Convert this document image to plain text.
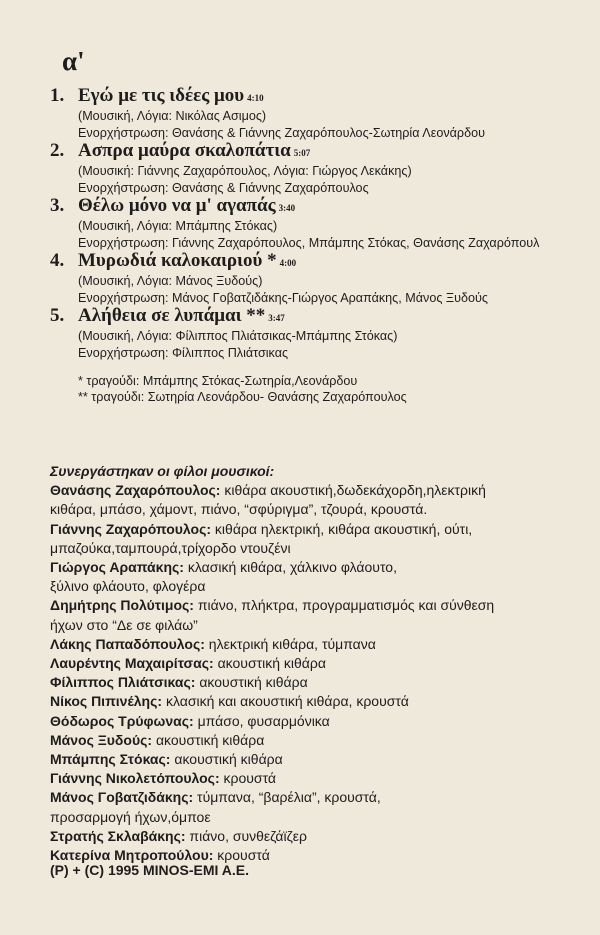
α'
1. Εγώ με τις ιδέες μου 4:10
(Μουσική, Λόγια: Νικόλας Ασιμος)
Ενορχήστρωση: Θανάσης & Γιάννης Ζαχαρόπουλος-Σωτηρία Λεονάρδου
2. Ασπρα μαύρα σκαλοπάτια 5:07
(Μουσική: Γιάννης Ζαχαρόπουλος, Λόγια: Γιώργος Λεκάκης)
Ενορχήστρωση: Θανάσης & Γιάννης Ζαχαρόπουλος
3. Θέλω μόνο να μ' αγαπάς 3:40
(Μουσική, Λόγια: Μπάμπης Στόκας)
Ενορχήστρωση: Γιάννης Ζαχαρόπουλος, Μπάμπης Στόκας, Θανάσης Ζαχαρόπουλ
4. Μυρωδιά καλοκαιριού * 4:00
(Μουσική, Λόγια: Μάνος Ξυδούς)
Ενορχήστρωση: Μάνος Γοβατζιδάκης-Γιώργος Αραπάκης, Μάνος Ξυδούς
5. Αλήθεια σε λυπάμαι ** 3:47
(Μουσική, Λόγια: Φίλιππος Πλιάτσικας-Μπάμπης Στόκας)
Ενορχήστρωση: Φίλιππος Πλιάτσικας
* τραγούδι: Μπάμπης Στόκας-Σωτηρία,Λεονάρδου
** τραγούδι: Σωτηρία Λεονάρδου- Θανάσης Ζαχαρόπουλος
Συνεργάστηκαν οι φίλοι μουσικοί:
Θανάσης Ζαχαρόπουλος: κιθάρα ακουστική,δωδεκάχορδη,ηλεκτρική
κιθάρα, μπάσο, χάμοντ, πιάνο, “σφύριγμα”, τζουρά, κρουστά.
Γιάννης Ζαχαρόπουλος: κιθάρα ηλεκτρική, κιθάρα ακουστική, ούτι,
μπαζούκα,ταμπουρά,τρίχορδο ντουζένι
Γιώργος Αραπάκης: κλασική κιθάρα, χάλκινο φλάουτο,
ξύλινο φλάουτο, φλογέρα
Δημήτρης Πολύτιμος: πιάνο, πλήκτρα, προγραμματισμός και σύνθεση
ήχων στο “Δε σε φιλάω”
Λάκης Παπαδόπουλος: ηλεκτρική κιθάρα, τύμπανα
Λαυρέντης Μαχαιρίτσας: ακουστική κιθάρα
Φίλιππος Πλιάτσικας: ακουστική κιθάρα
Νίκος Πιπινέλης: κλασική και ακουστική κιθάρα, κρουστά
Θόδωρος Τρύφωνας: μπάσο, φυσαρμόνικα
Μάνος Ξυδούς: ακουστική κιθάρα
Μπάμπης Στόκας: ακουστική κιθάρα
Γιάννης Νικολετόπουλος: κρουστά
Μάνος Γοβατζιδάκης: τύμπανα, “βαρέλια”, κρουστά,
προσαρμογή ήχων,όμποε
Στρατής Σκλαβάκης: πιάνο, συνθεζάϊζερ
Κατερίνα Μητροπούλου: κρουστά
(P) + (C) 1995 MINOS-EMI A.E.
